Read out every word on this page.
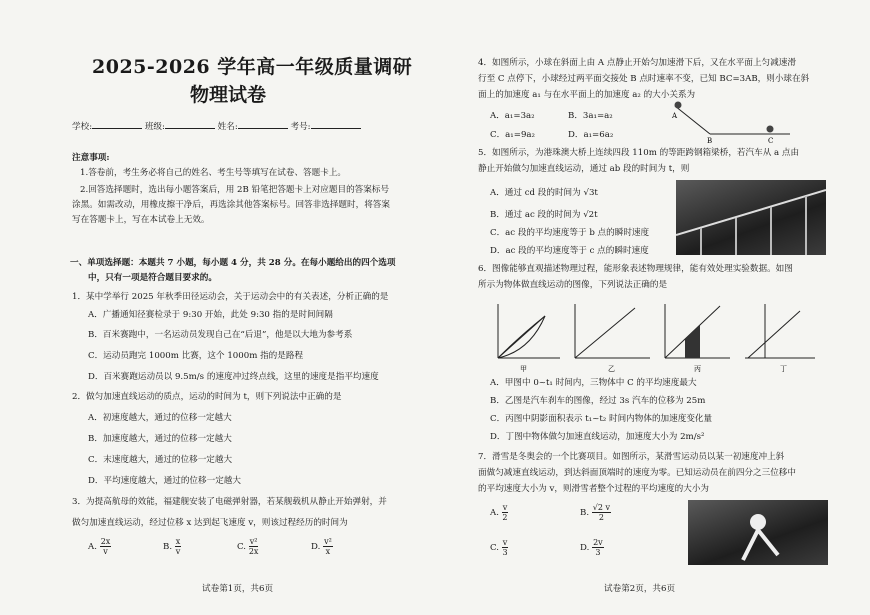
2025-2026 学年高一年级质量调研
物理试卷
学校:	班级:	姓名:	考号:
注意事项:
1.答卷前，考生务必将自己的姓名、考生号等填写在试卷、答题卡上。
2.回答选择题时，选出每小题答案后，用 2B 铅笔把答题卡上对应题目的答案标号
涂黑。如需改动，用橡皮擦干净后，再选涂其他答案标号。回答非选择题时，将答案
写在答题卡上，写在本试卷上无效。
一、单项选择题：本题共 7 小题，每小题 4 分，共 28 分。在每小题给出的四个选项
中，只有一项是符合题目要求的。
1．某中学举行 2025 年秋季田径运动会，关于运动会中的有关表述，分析正确的是
A．广播通知径赛检录于 9:30 开始，此处 9:30 指的是时间间隔
B．百米赛跑中，一名运动员发现自己在“后退”，他是以大地为参考系
C．运动员跑完 1000m 比赛，这个 1000m 指的是路程
D．百米赛跑运动员以 9.5m/s 的速度冲过终点线，这里的速度是指平均速度
2．做匀加速直线运动的质点，运动的时间为 t，则下列说法中正确的是
A．初速度越大，通过的位移一定越大
B．加速度越大，通过的位移一定越大
C．末速度越大，通过的位移一定越大
D．平均速度越大，通过的位移一定越大
3．为提高航母的效能，福建舰安装了电磁弹射器，若某舰载机从静止开始弹射，并
做匀加速直线运动，经过位移 x 达到起飞速度 v，则该过程经历的时间为
A. $\frac{2x}{v}$	B. $\frac{x}{v}$	C. $\frac{\text{v²}}{2x}$	D. $\frac{\text{v²}}{x}$
试卷第1页，共6页
4．如图所示，小球在斜面上由 A 点静止开始匀加速滑下后，又在水平面上匀减速滑
行至 C 点停下，小球经过两平面交接处 B 点时速率不变，已知 BC=3AB，则小球在斜
面上的加速度 a₁ 与在水平面上的加速度 a₂ 的大小关系为
A．a₁=3a₂	B．3a₁=a₂
C．a₁=9a₂	D．a₁=6a₂
A
B	C
5．如图所示，为港珠澳大桥上连续四段 110m 的等距跨钢箱梁桥，若汽车从 a 点由
静止开始做匀加速直线运动，通过 ab 段的时间为 t，则
A．通过 cd 段的时间为 √3t
B．通过 ac 段的时间为 √2t
C．ac 段的平均速度等于 b 点的瞬时速度
D．ac 段的平均速度等于 c 点的瞬时速度
6．图像能够直观描述物理过程，能形象表述物理规律，能有效处理实验数据。如图
所示为物体做直线运动的图像，下列说法正确的是
甲	乙	丙	丁
A．甲图中 0~t₁ 时间内，三物体中 C 的平均速度最大
B．乙图是汽车刹车的图像，经过 3s 汽车的位移为 25m
C．丙图中阴影面积表示 t₁~t₂ 时间内物体的加速度变化量
D．丁图中物体做匀加速直线运动，加速度大小为 2m/s²
7．滑雪是冬奥会的一个比赛项目。如图所示，某滑雪运动员以某一初速度冲上斜
面做匀减速直线运动，到达斜面顶端时的速度为零。已知运动员在前四分之三位移中
的平均速度大小为 v，则滑雪者整个过程的平均速度的大小为
A. $\frac{v}{2}$	B. $\frac{√2 v}{2}$
C. $\frac{v}{3}$	D. $\frac{2v}{3}$
试卷第2页，共6页
